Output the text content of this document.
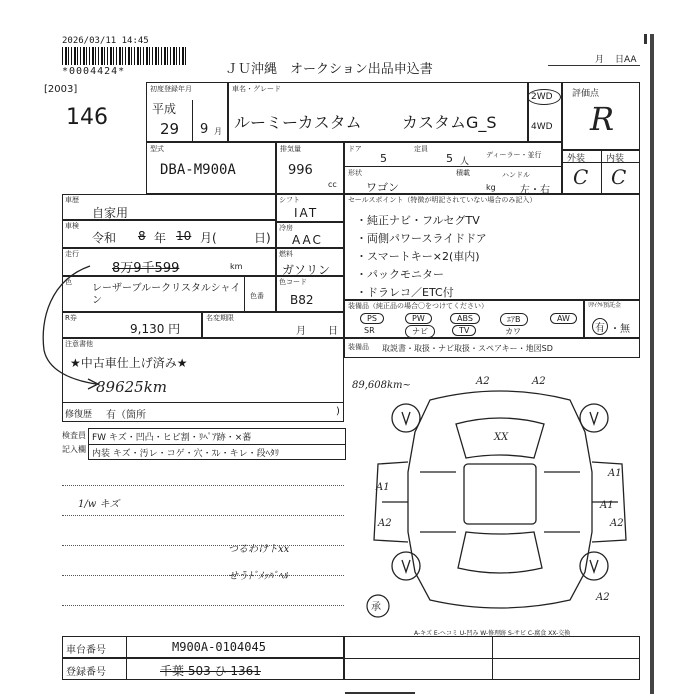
2026/03/11 14:45
*0004424*	ＪＵ沖縄　オークション出品申込書
月 日AA
[2003]
146
初度登録年月
平成
29 9 月
車名・グレード
ルーミーカスタム	カスタムG_S
2WD
4WD
評価点
R
型式
DBA-M900A
排気量
996
cc
ドア
5
定員
5 人
ディーラー・並行
形状
ワゴン
積載
kg
ハンドル
左・右
外装 内装
C C
車歴
自家用
車検
令和 8 年 10 月(	日)
走行
8万9千599	km
色
レーザーブルークリスタルシャイン	色番
R券
9,130 円
名変期限
月 日
シフト
IAT
冷房
AAC
燃料
ガソリン
色コード
B82
セールスポイント（特徴が明記されていない場合のみ記入）
・純正ナビ・フルセグTV
・両側パワースライドドア
・スマートキー×2(車内)
・パックモニター
・ドラレコ／ETC付
装備品（純正品の場合〇をつけてください）
PS	PW	ABS	ｴｱB	AW
SR	ナビ	TV	カワ
ﾘｻｲｸﾙ預託金
有 ・無
装備品 取説書・取扱・ナビ取扱・スペアキー・地図SD
注意書他
★中古車仕上げ済み★
89625km
修復歴 有（箇所	)
検査員
記入欄
FW キズ・凹凸・ヒビ割・ﾘﾍﾟｱ跡・×蕃
内装 キズ・汚レ・コゲ・穴・ｽﾚ・キレ・段ﾍﾀﾘ
1/w キズ
つるわけトxx
せうﾄﾞﾒｯﾊﾟﾍﾙ
89,608km~	A2	A2
XX
A1
A1
A1
A2
A2
A2
承
A-キズ E-ヘコミ U-凹み W-修理跡 S-サビ C-腐食 XX-交換
車台番号	M900A-0104045
登録番号	千葉 503 ひ 1361
